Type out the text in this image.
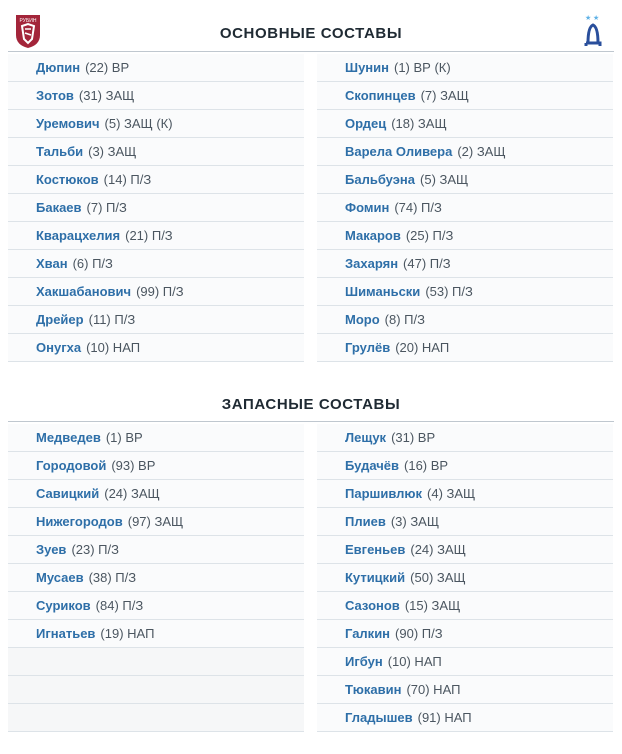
ОСНОВНЫЕ СОСТАВЫ
РУБИН	★ ★
Дюпин (22) ВР
Зотов (31) ЗАЩ
Уремович (5) ЗАЩ (К)
Тальби (3) ЗАЩ
Костюков (14) П/З
Бакаев (7) П/З
Кварацхелия (21) П/З
Хван (6) П/З
Хакшабанович (99) П/З
Дрейер (11) П/З
Онугха (10) НАП
Шунин (1) ВР (К)
Скопинцев (7) ЗАЩ
Ордец (18) ЗАЩ
Варела Оливера (2) ЗАЩ
Бальбуэна (5) ЗАЩ
Фомин (74) П/З
Макаров (25) П/З
Захарян (47) П/З
Шиманьски (53) П/З
Моро (8) П/З
Грулёв (20) НАП
ЗАПАСНЫЕ СОСТАВЫ
Медведев (1) ВР
Городовой (93) ВР
Савицкий (24) ЗАЩ
Нижегородов (97) ЗАЩ
Зуев (23) П/З
Мусаев (38) П/З
Суриков (84) П/З
Игнатьев (19) НАП
Лещук (31) ВР
Будачёв (16) ВР
Паршивлюк (4) ЗАЩ
Плиев (3) ЗАЩ
Евгеньев (24) ЗАЩ
Кутицкий (50) ЗАЩ
Сазонов (15) ЗАЩ
Галкин (90) П/З
Игбун (10) НАП
Тюкавин (70) НАП
Гладышев (91) НАП
